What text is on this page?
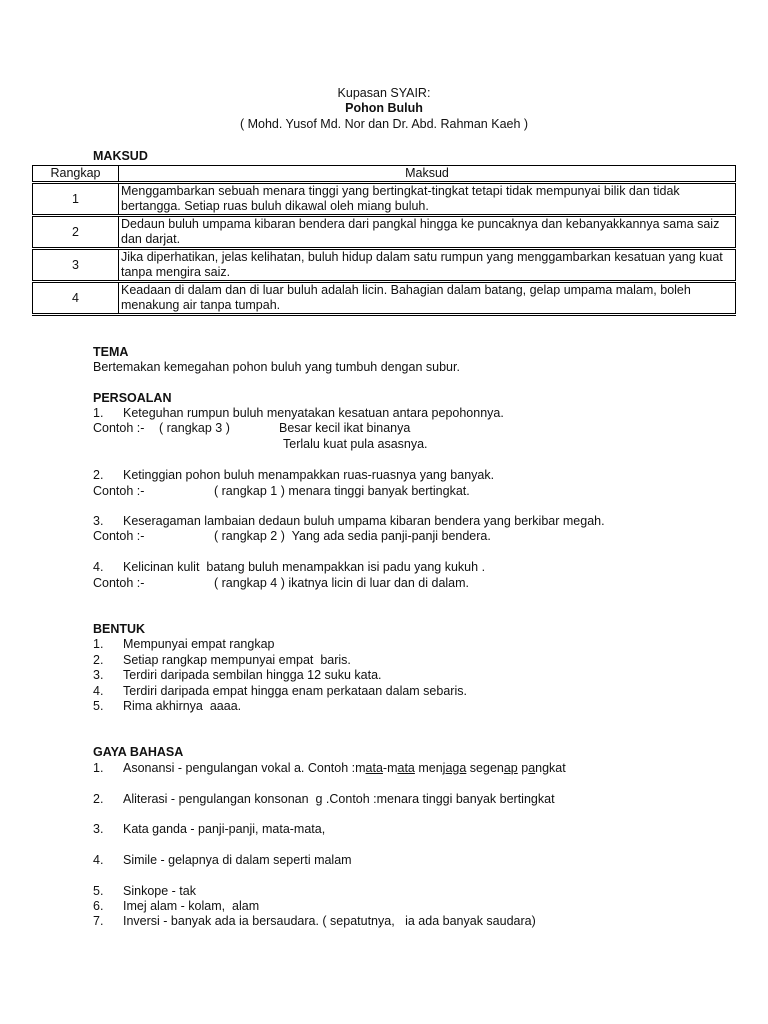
Kupasan SYAIR:
Pohon Buluh
( Mohd. Yusof Md. Nor dan Dr. Abd. Rahman Kaeh )
MAKSUD
Rangkap	Maksud
1	Menggambarkan sebuah menara tinggi yang bertingkat-tingkat tetapi tidak mempunyai bilik dan tidak bertangga. Setiap ruas buluh dikawal oleh miang buluh.
2	Dedaun buluh umpama kibaran bendera dari pangkal hingga ke puncaknya dan kebanyakkannya sama saiz dan darjat.
3	Jika diperhatikan, jelas kelihatan, buluh hidup dalam satu rumpun yang menggambarkan kesatuan yang kuat tanpa mengira saiz.
4	Keadaan di dalam dan di luar buluh adalah licin. Bahagian dalam batang, gelap umpama malam, boleh menakung air tanpa tumpah.
TEMA
Bertemakan kemegahan pohon buluh yang tumbuh dengan subur.
PERSOALAN
1. Keteguhan rumpun buluh menyatakan kesatuan antara pepohonnya.
Contoh :- ( rangkap 3 )	Besar kecil ikat binanya
Terlalu kuat pula asasnya.
2. Ketinggian pohon buluh menampakkan ruas-ruasnya yang banyak.
Contoh :-	( rangkap 1 ) menara tinggi banyak bertingkat.
3. Keseragaman lambaian dedaun buluh umpama kibaran bendera yang berkibar megah.
Contoh :-	( rangkap 2 ) Yang ada sedia panji-panji bendera.
4. Kelicinan kulit  batang buluh menampakkan isi padu yang kukuh .
Contoh :-	( rangkap 4 ) ikatnya licin di luar dan di dalam.
BENTUK
1. Mempunyai empat rangkap
2. Setiap rangkap mempunyai empat  baris.
3. Terdiri daripada sembilan hingga 12 suku kata.
4. Terdiri daripada empat hingga enam perkataan dalam sebaris.
5. Rima akhirnya  aaaa.
GAYA BAHASA
1. Asonansi - pengulangan vokal a. Contoh :mata-mata menjaga segenap pangkat
2. Aliterasi - pengulangan konsonan  g .Contoh :menara tinggi banyak bertingkat
3. Kata ganda - panji-panji, mata-mata,
4. Simile - gelapnya di dalam seperti malam
5. Sinkope - tak
6. Imej alam - kolam,  alam
7. Inversi - banyak ada ia bersaudara. ( sepatutnya,   ia ada banyak saudara)
